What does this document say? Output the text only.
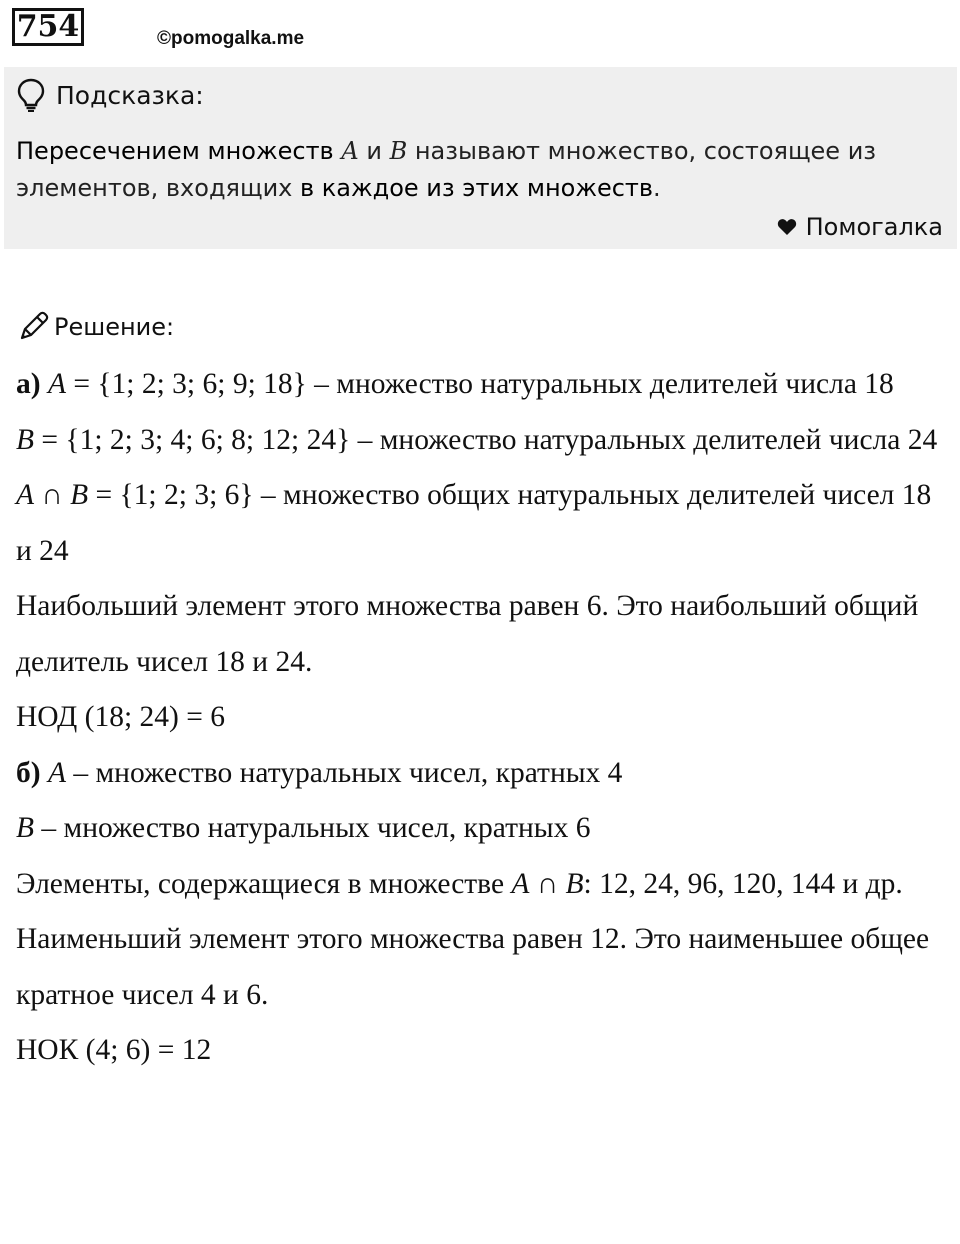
754	©pomogalka.me
Подсказка:
Пересечением множеств A и B называют множество, состоящее из элементов, входящих в каждое из этих множеств.
Помогалка
Решение:

а) A = {1; 2; 3; 6; 9; 18} – множество натуральных делителей числа 18

B = {1; 2; 3; 4; 6; 8; 12; 24} – множество натуральных делителей числа 24

A ∩ B = {1; 2; 3; 6} – множество общих натуральных делителей чисел 18 и 24

Наибольший элемент этого множества равен 6. Это наибольший общий делитель чисел 18 и 24.

НОД (18; 24) = 6

б) A – множество натуральных чисел, кратных 4

B – множество натуральных чисел, кратных 6

Элементы, содержащиеся в множестве A ∩ B: 12, 24, 96, 120, 144 и др.

Наименьший элемент этого множества равен 12. Это наименьшее общее кратное чисел 4 и 6.

НОК (4; 6) = 12
